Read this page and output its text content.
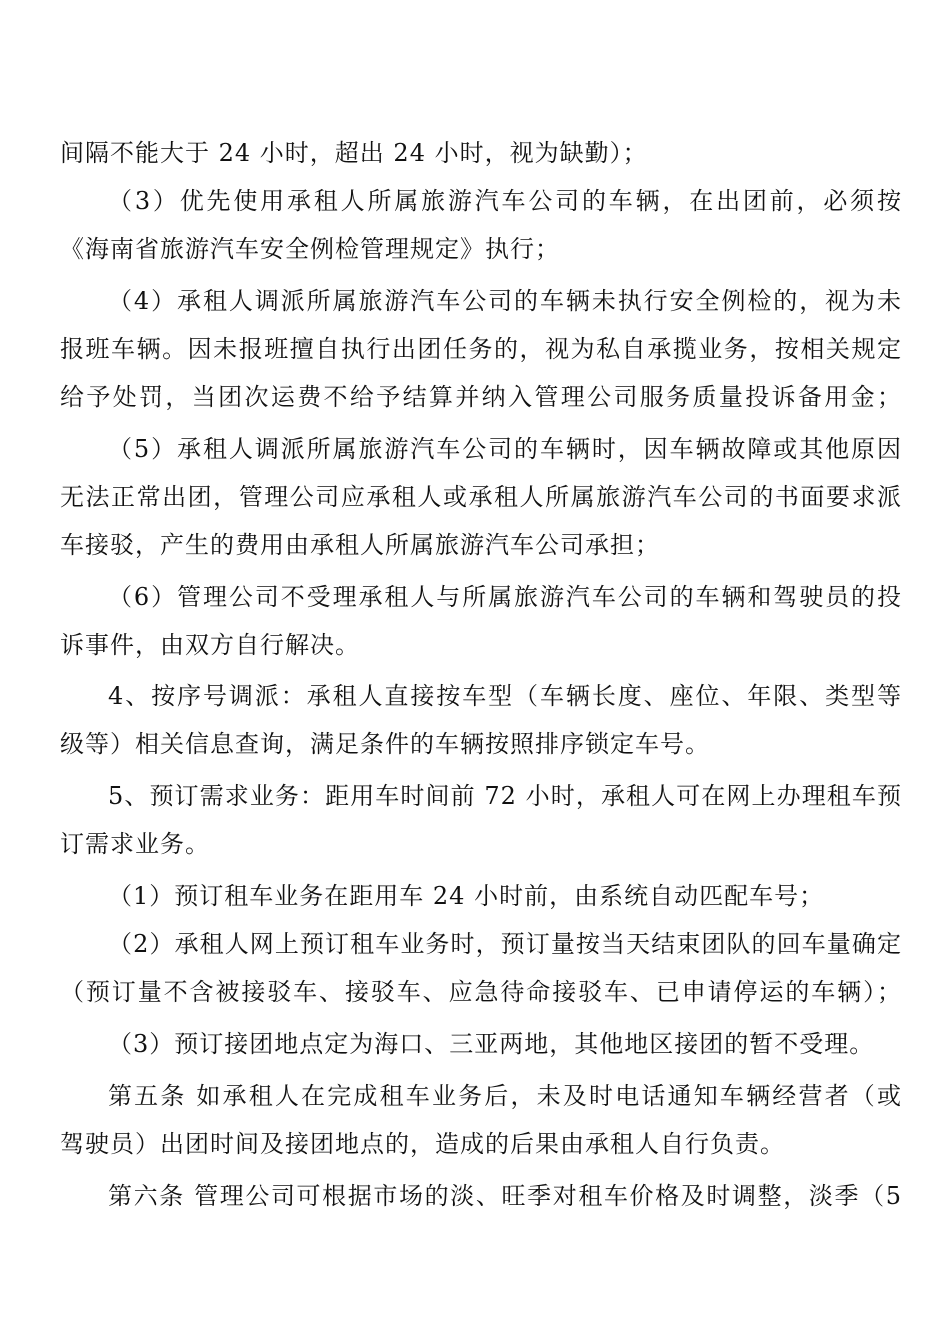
间隔不能大于 24 小时，超出 24 小时，视为缺勤）；
（3）优先使用承租人所属旅游汽车公司的车辆，在出团前，必须按
《海南省旅游汽车安全例检管理规定》执行；
（4）承租人调派所属旅游汽车公司的车辆未执行安全例检的，视为未
报班车辆。因未报班擅自执行出团任务的，视为私自承揽业务，按相关规定
给予处罚，当团次运费不给予结算并纳入管理公司服务质量投诉备用金；
（5）承租人调派所属旅游汽车公司的车辆时，因车辆故障或其他原因
无法正常出团，管理公司应承租人或承租人所属旅游汽车公司的书面要求派
车接驳，产生的费用由承租人所属旅游汽车公司承担；
（6）管理公司不受理承租人与所属旅游汽车公司的车辆和驾驶员的投
诉事件，由双方自行解决。
4、按序号调派：承租人直接按车型（车辆长度、座位、年限、类型等
级等）相关信息查询，满足条件的车辆按照排序锁定车号。
5、预订需求业务：距用车时间前 72 小时，承租人可在网上办理租车预
订需求业务。
（1）预订租车业务在距用车 24 小时前，由系统自动匹配车号；
（2）承租人网上预订租车业务时，预订量按当天结束团队的回车量确定
（预订量不含被接驳车、接驳车、应急待命接驳车、已申请停运的车辆）；
（3）预订接团地点定为海口、三亚两地，其他地区接团的暂不受理。
第五条 如承租人在完成租车业务后，未及时电话通知车辆经营者（或
驾驶员）出团时间及接团地点的，造成的后果由承租人自行负责。
第六条 管理公司可根据市场的淡、旺季对租车价格及时调整，淡季（5
